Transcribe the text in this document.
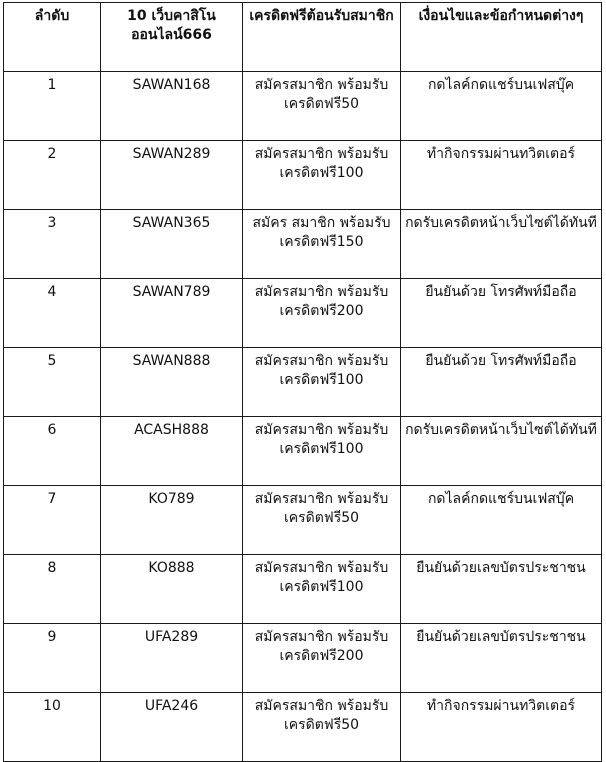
ลำดับ	10 เว็บคาสิโนออนไลน์666	เครดิตฟรีต้อนรับสมาชิก	เงื่อนไขและข้อกำหนดต่างๆ
1	SAWAN168	สมัครสมาชิก พร้อมรับเครดิตฟรี50	กดไลค์กดแชร์บนเฟสบุ๊ค
2	SAWAN289	สมัครสมาชิก พร้อมรับเครดิตฟรี100	ทำกิจกรรมผ่านทวิตเตอร์
3	SAWAN365	สมัคร สมาชิก พร้อมรับเครดิตฟรี150	กดรับเครดิตหน้าเว็บไซต์ได้ทันที
4	SAWAN789	สมัครสมาชิก พร้อมรับเครดิตฟรี200	ยืนยันด้วย โทรศัพท์มือถือ
5	SAWAN888	สมัครสมาชิก พร้อมรับเครดิตฟรี100	ยืนยันด้วย โทรศัพท์มือถือ
6	ACASH888	สมัครสมาชิก พร้อมรับเครดิตฟรี100	กดรับเครดิตหน้าเว็บไซต์ได้ทันที
7	KO789	สมัครสมาชิก พร้อมรับเครดิตฟรี50	กดไลค์กดแชร์บนเฟสบุ๊ค
8	KO888	สมัครสมาชิก พร้อมรับเครดิตฟรี100	ยืนยันด้วยเลขบัตรประชาชน
9	UFA289	สมัครสมาชิก พร้อมรับเครดิตฟรี200	ยืนยันด้วยเลขบัตรประชาชน
10	UFA246	สมัครสมาชิก พร้อมรับเครดิตฟรี50	ทำกิจกรรมผ่านทวิตเตอร์
